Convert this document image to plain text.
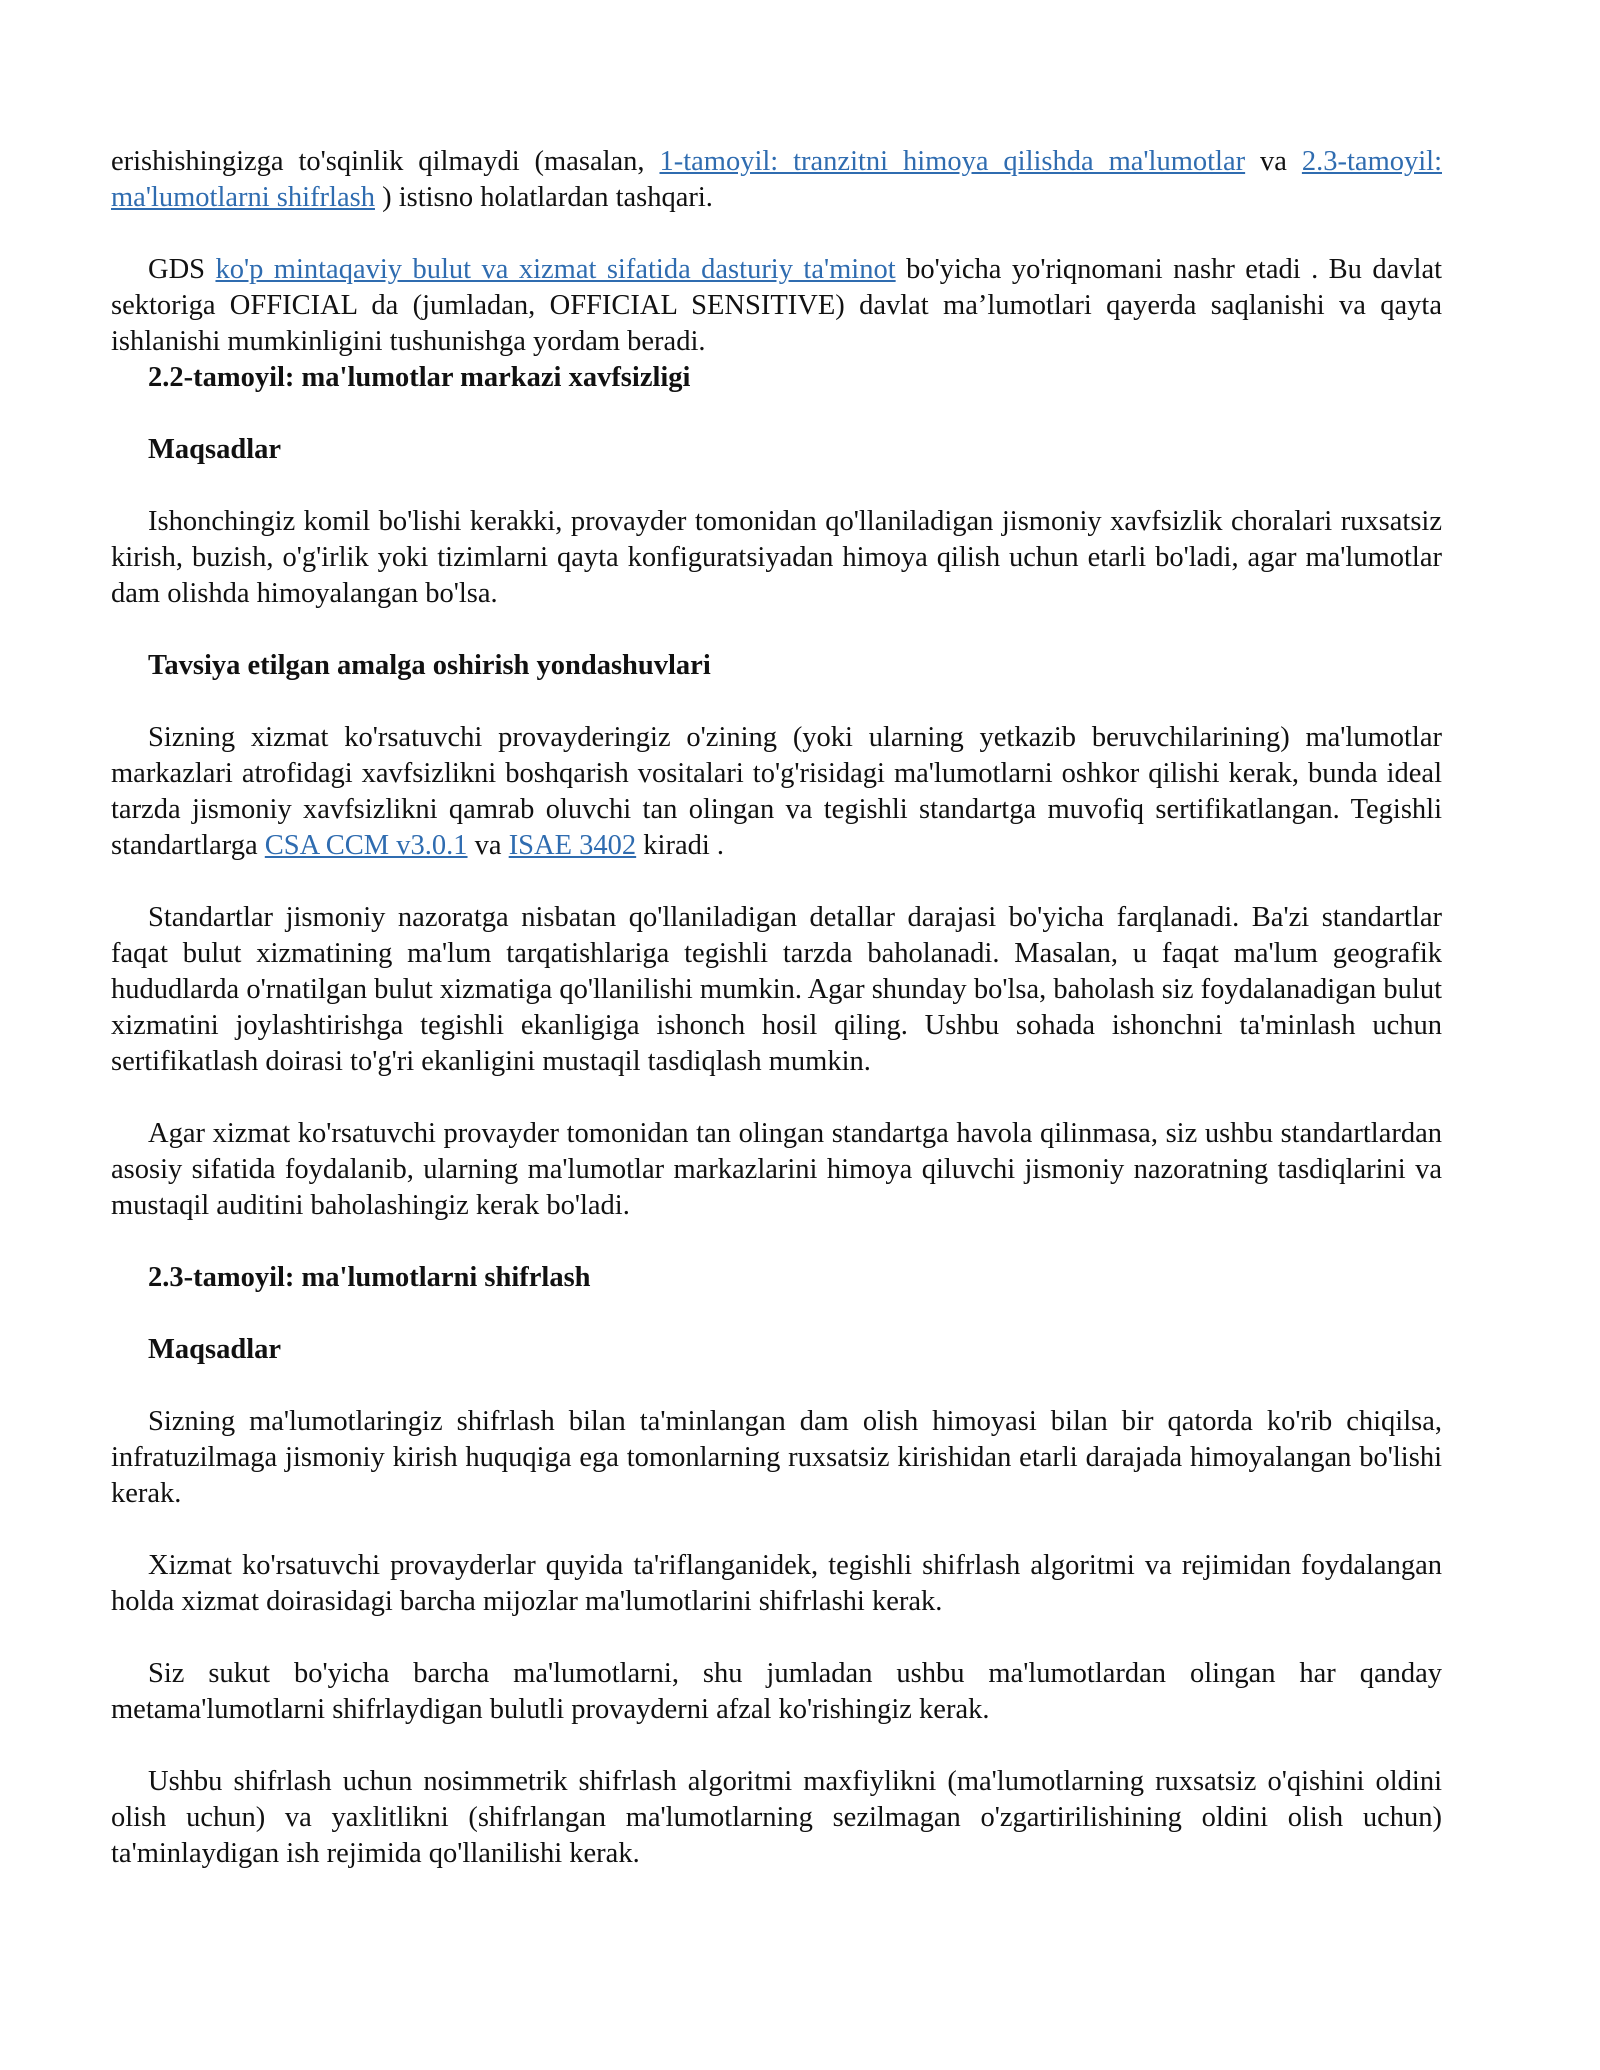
erishishingizga to'sqinlik qilmaydi (masalan, 1-tamoyil: tranzitni himoya qilishda ma'lumotlar va 2.3-tamoyil: ma'lumotlarni shifrlash ) istisno holatlardan tashqari.

GDS ko'p mintaqaviy bulut va xizmat sifatida dasturiy ta'minot bo'yicha yo'riqnomani nashr etadi . Bu davlat sektoriga OFFICIAL da (jumladan, OFFICIAL SENSITIVE) davlat ma’lumotlari qayerda saqlanishi va qayta ishlanishi mumkinligini tushunishga yordam beradi.

2.2-tamoyil: ma'lumotlar markazi xavfsizligi
Maqsadlar

Ishonchingiz komil bo'lishi kerakki, provayder tomonidan qo'llaniladigan jismoniy xavfsizlik choralari ruxsatsiz kirish, buzish, o'g'irlik yoki tizimlarni qayta konfiguratsiyadan himoya qilish uchun etarli bo'ladi, agar ma'lumotlar dam olishda himoyalangan bo'lsa.

Tavsiya etilgan amalga oshirish yondashuvlari

Sizning xizmat ko'rsatuvchi provayderingiz o'zining (yoki ularning yetkazib beruvchilarining) ma'lumotlar markazlari atrofidagi xavfsizlikni boshqarish vositalari to'g'risidagi ma'lumotlarni oshkor qilishi kerak, bunda ideal tarzda jismoniy xavfsizlikni qamrab oluvchi tan olingan va tegishli standartga muvofiq sertifikatlangan. Tegishli standartlarga CSA CCM v3.0.1 va ISAE 3402 kiradi .

Standartlar jismoniy nazoratga nisbatan qo'llaniladigan detallar darajasi bo'yicha farqlanadi. Ba'zi standartlar faqat bulut xizmatining ma'lum tarqatishlariga tegishli tarzda baholanadi. Masalan, u faqat ma'lum geografik hududlarda o'rnatilgan bulut xizmatiga qo'llanilishi mumkin. Agar shunday bo'lsa, baholash siz foydalanadigan bulut xizmatini joylashtirishga tegishli ekanligiga ishonch hosil qiling. Ushbu sohada ishonchni ta'minlash uchun sertifikatlash doirasi to'g'ri ekanligini mustaqil tasdiqlash mumkin.

Agar xizmat ko'rsatuvchi provayder tomonidan tan olingan standartga havola qilinmasa, siz ushbu standartlardan asosiy sifatida foydalanib, ularning ma'lumotlar markazlarini himoya qiluvchi jismoniy nazoratning tasdiqlarini va mustaqil auditini baholashingiz kerak bo'ladi.

2.3-tamoyil: ma'lumotlarni shifrlash
Maqsadlar

Sizning ma'lumotlaringiz shifrlash bilan ta'minlangan dam olish himoyasi bilan bir qatorda ko'rib chiqilsa, infratuzilmaga jismoniy kirish huquqiga ega tomonlarning ruxsatsiz kirishidan etarli darajada himoyalangan bo'lishi kerak.

Xizmat ko'rsatuvchi provayderlar quyida ta'riflanganidek, tegishli shifrlash algoritmi va rejimidan foydalangan holda xizmat doirasidagi barcha mijozlar ma'lumotlarini shifrlashi kerak.

Siz sukut bo'yicha barcha ma'lumotlarni, shu jumladan ushbu ma'lumotlardan olingan har qanday metama'lumotlarni shifrlaydigan bulutli provayderni afzal ko'rishingiz kerak.

Ushbu shifrlash uchun nosimmetrik shifrlash algoritmi maxfiylikni (ma'lumotlarning ruxsatsiz o'qishini oldini olish uchun) va yaxlitlikni (shifrlangan ma'lumotlarning sezilmagan o'zgartirilishining oldini olish uchun) ta'minlaydigan ish rejimida qo'llanilishi kerak.
